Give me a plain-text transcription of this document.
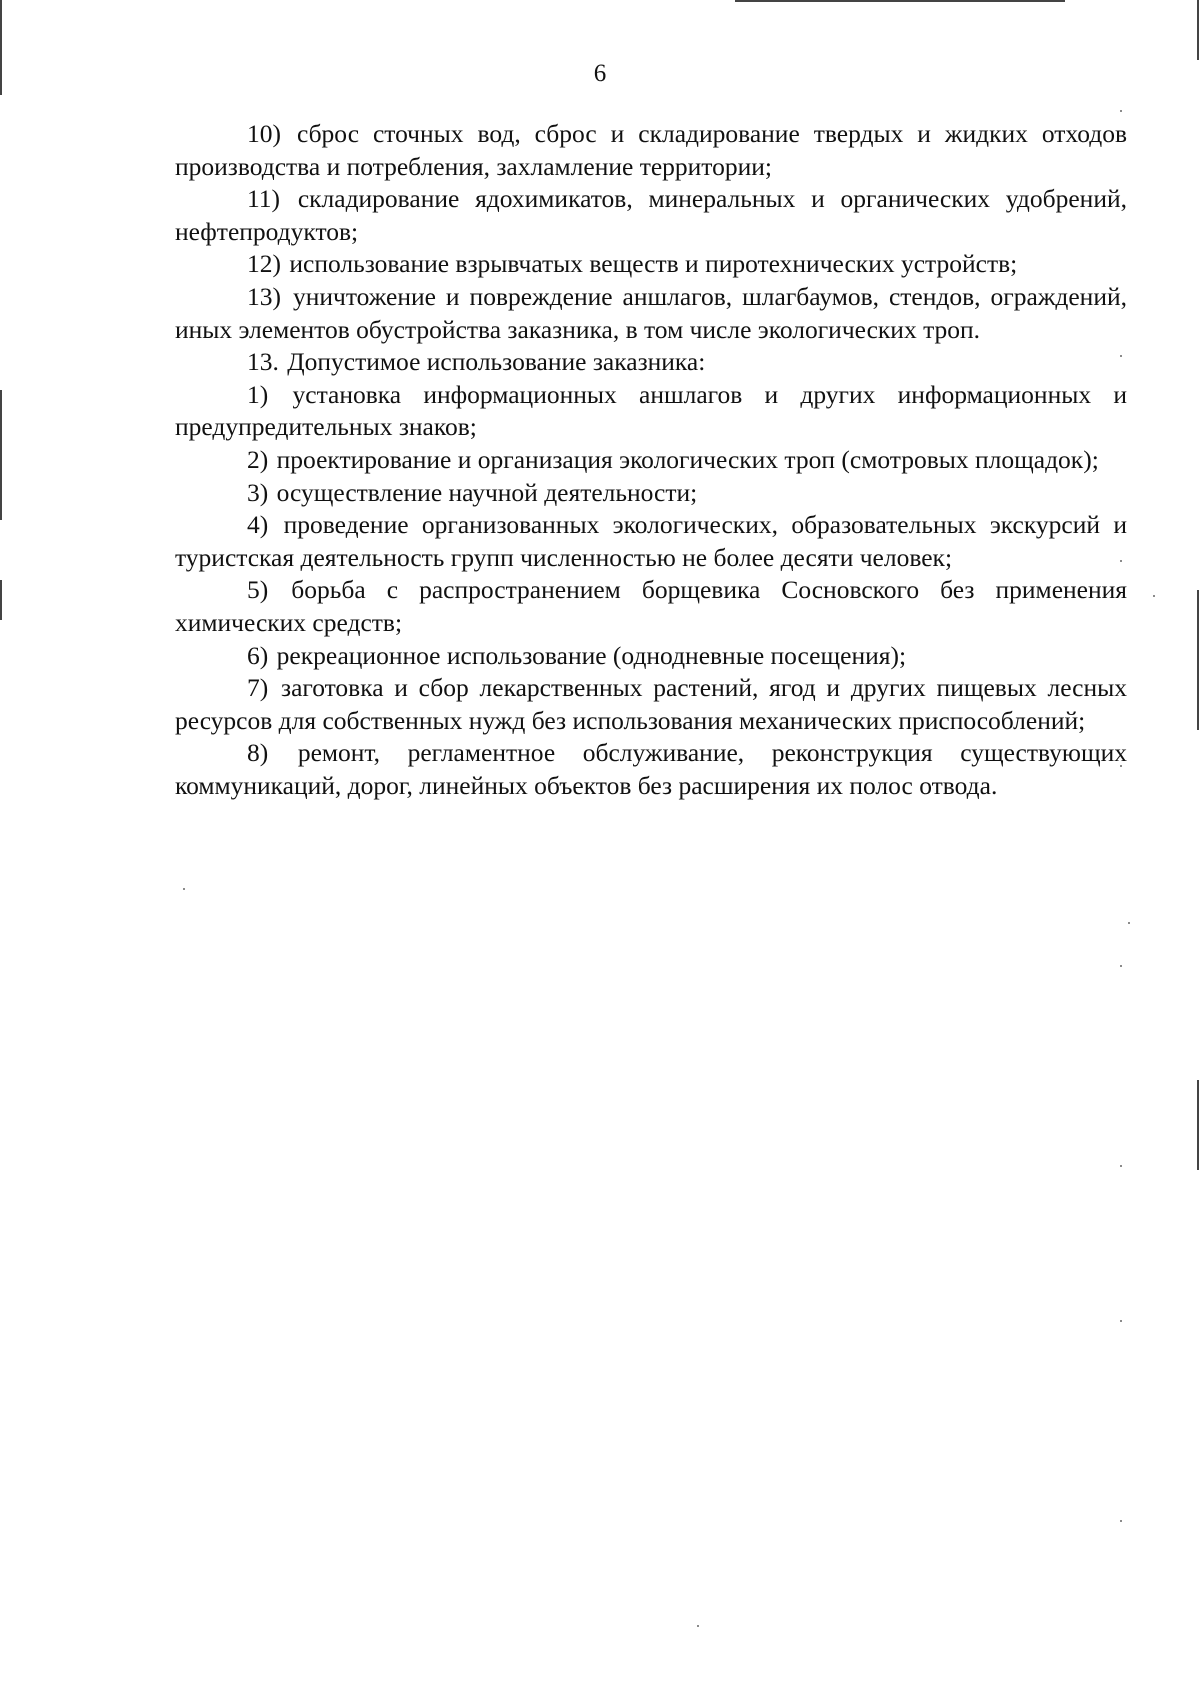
6

10) сброс сточных вод, сброс и складирование твердых и жидких отходов производства и потребления, захламление территории;

11) складирование ядохимикатов, минеральных и органических удобрений, нефтепродуктов;

12) использование взрывчатых веществ и пиротехнических устройств;

13) уничтожение и повреждение аншлагов, шлагбаумов, стендов, ограждений, иных элементов обустройства заказника, в том числе экологических троп.

13. Допустимое использование заказника:

1) установка информационных аншлагов и других информационных и предупредительных знаков;

2) проектирование и организация экологических троп (смотровых площадок);

3) осуществление научной деятельности;

4) проведение организованных экологических, образовательных экскурсий и туристская деятельность групп численностью не более десяти человек;

5) борьба с распространением борщевика Сосновского без применения химических средств;

6) рекреационное использование (однодневные посещения);

7) заготовка и сбор лекарственных растений, ягод и других пищевых лесных ресурсов для собственных нужд без использования механических приспособлений;

8) ремонт, регламентное обслуживание, реконструкция существующих коммуникаций, дорог, линейных объектов без расширения их полос отвода.
